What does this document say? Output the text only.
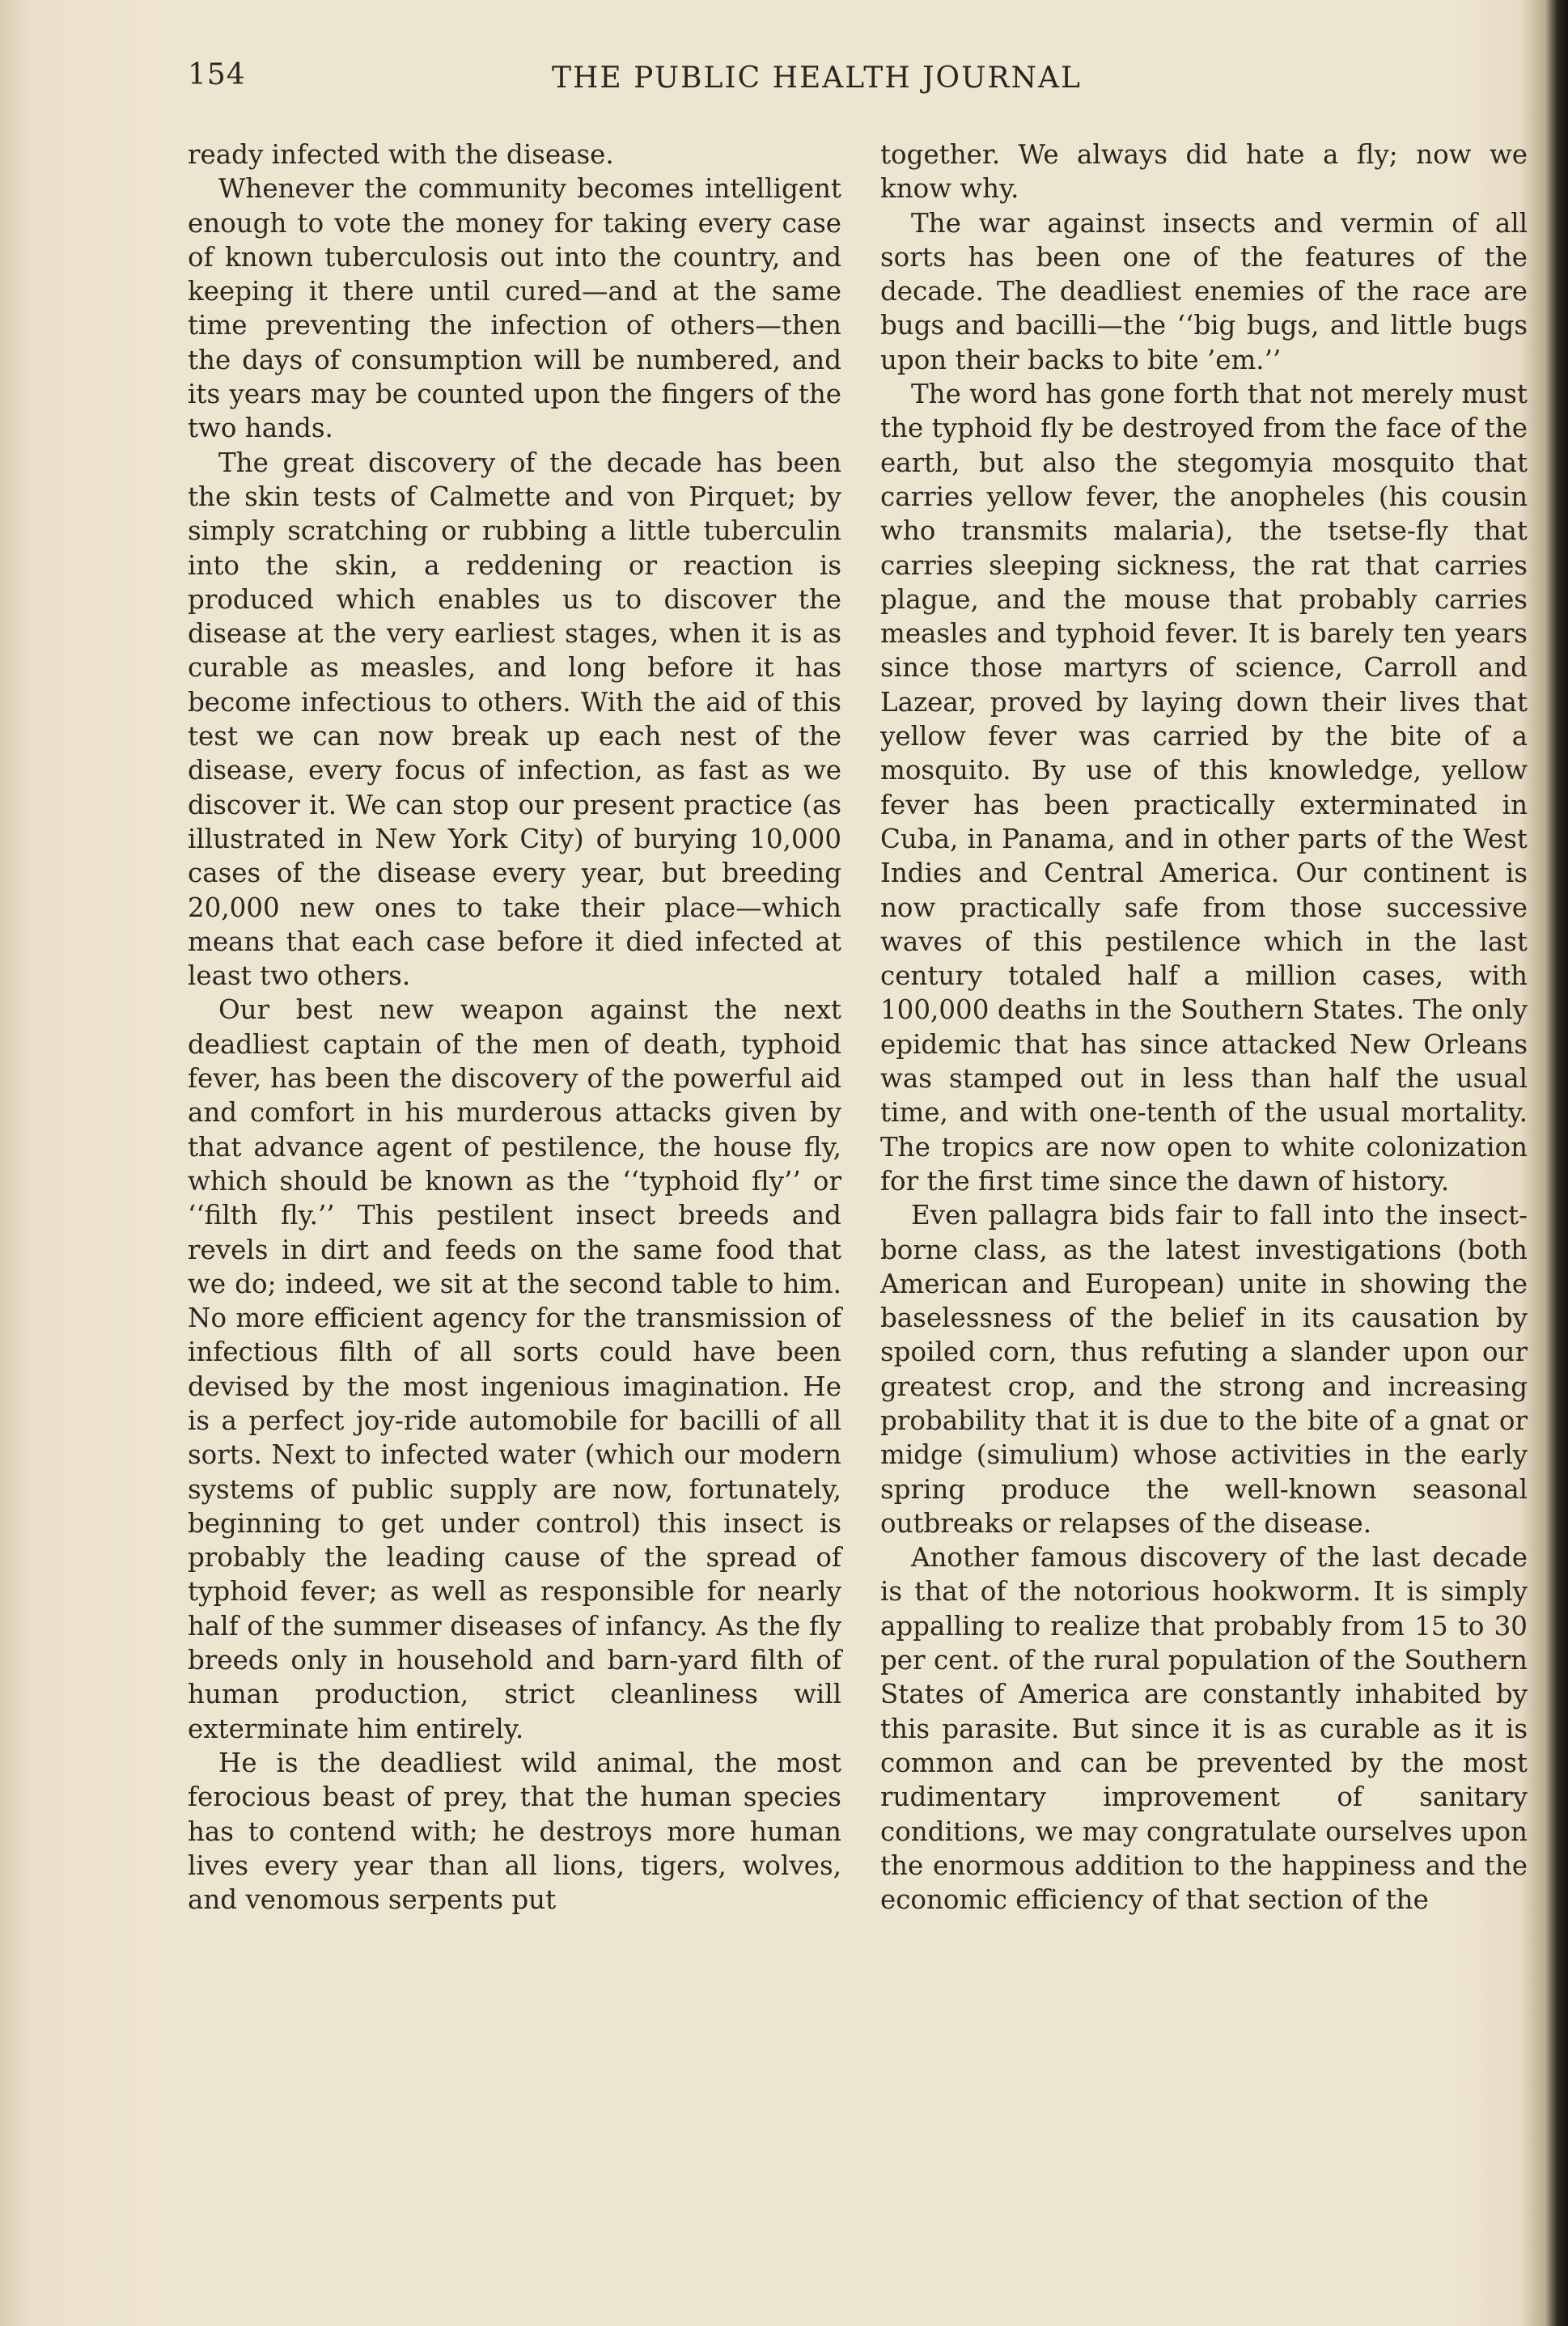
154	THE PUBLIC HEALTH JOURNAL

ready infected with the disease.

Whenever the community becomes intelligent enough to vote the money for taking every case of known tuberculosis out into the country, and keeping it there until cured—and at the same time preventing the infection of others—then the days of consumption will be numbered, and its years may be counted upon the fingers of the two hands.

The great discovery of the decade has been the skin tests of Calmette and von Pirquet; by simply scratching or rubbing a little tuberculin into the skin, a reddening or reaction is produced which enables us to discover the disease at the very earliest stages, when it is as curable as measles, and long before it has become infectious to others. With the aid of this test we can now break up each nest of the disease, every focus of infection, as fast as we discover it. We can stop our present practice (as illustrated in New York City) of burying 10,000 cases of the disease every year, but breeding 20,000 new ones to take their place—which means that each case before it died infected at least two others.

Our best new weapon against the next deadliest captain of the men of death, typhoid fever, has been the discovery of the powerful aid and comfort in his murderous attacks given by that advance agent of pestilence, the house fly, which should be known as the ‘‘typhoid fly’’ or ‘‘filth fly.’’ This pestilent insect breeds and revels in dirt and feeds on the same food that we do; indeed, we sit at the second table to him. No more efficient agency for the transmission of infectious filth of all sorts could have been devised by the most ingenious imagination. He is a perfect joy-ride automobile for bacilli of all sorts. Next to infected water (which our modern systems of public supply are now, fortunately, beginning to get under control) this insect is probably the leading cause of the spread of typhoid fever; as well as responsible for nearly half of the summer diseases of infancy. As the fly breeds only in household and barn-yard filth of human production, strict cleanliness will exterminate him entirely.

He is the deadliest wild animal, the most ferocious beast of prey, that the human species has to contend with; he destroys more human lives every year than all lions, tigers, wolves, and venomous serpents put

together. We always did hate a fly; now we know why.

The war against insects and vermin of all sorts has been one of the features of the decade. The deadliest enemies of the race are bugs and bacilli—the ‘‘big bugs, and little bugs upon their backs to bite ’em.’’

The word has gone forth that not merely must the typhoid fly be destroyed from the face of the earth, but also the stegomyia mosquito that carries yellow fever, the anopheles (his cousin who transmits malaria), the tsetse-fly that carries sleeping sickness, the rat that carries plague, and the mouse that probably carries measles and typhoid fever. It is barely ten years since those martyrs of science, Carroll and Lazear, proved by laying down their lives that yellow fever was carried by the bite of a mosquito. By use of this knowledge, yellow fever has been practically exterminated in Cuba, in Panama, and in other parts of the West Indies and Central America. Our continent is now practically safe from those successive waves of this pestilence which in the last century totaled half a million cases, with 100,000 deaths in the Southern States. The only epidemic that has since attacked New Orleans was stamped out in less than half the usual time, and with one-tenth of the usual mortality. The tropics are now open to white colonization for the first time since the dawn of history.

Even pallagra bids fair to fall into the insect-borne class, as the latest investigations (both American and European) unite in showing the baselessness of the belief in its causation by spoiled corn, thus refuting a slander upon our greatest crop, and the strong and increasing probability that it is due to the bite of a gnat or midge (simulium) whose activities in the early spring produce the well-known seasonal outbreaks or relapses of the disease.

Another famous discovery of the last decade is that of the notorious hookworm. It is simply appalling to realize that probably from 15 to 30 per cent. of the rural population of the Southern States of America are constantly inhabited by this parasite. But since it is as curable as it is common and can be prevented by the most rudimentary improvement of sanitary conditions, we may congratulate ourselves upon the enormous addition to the happiness and the economic efficiency of that section of the
